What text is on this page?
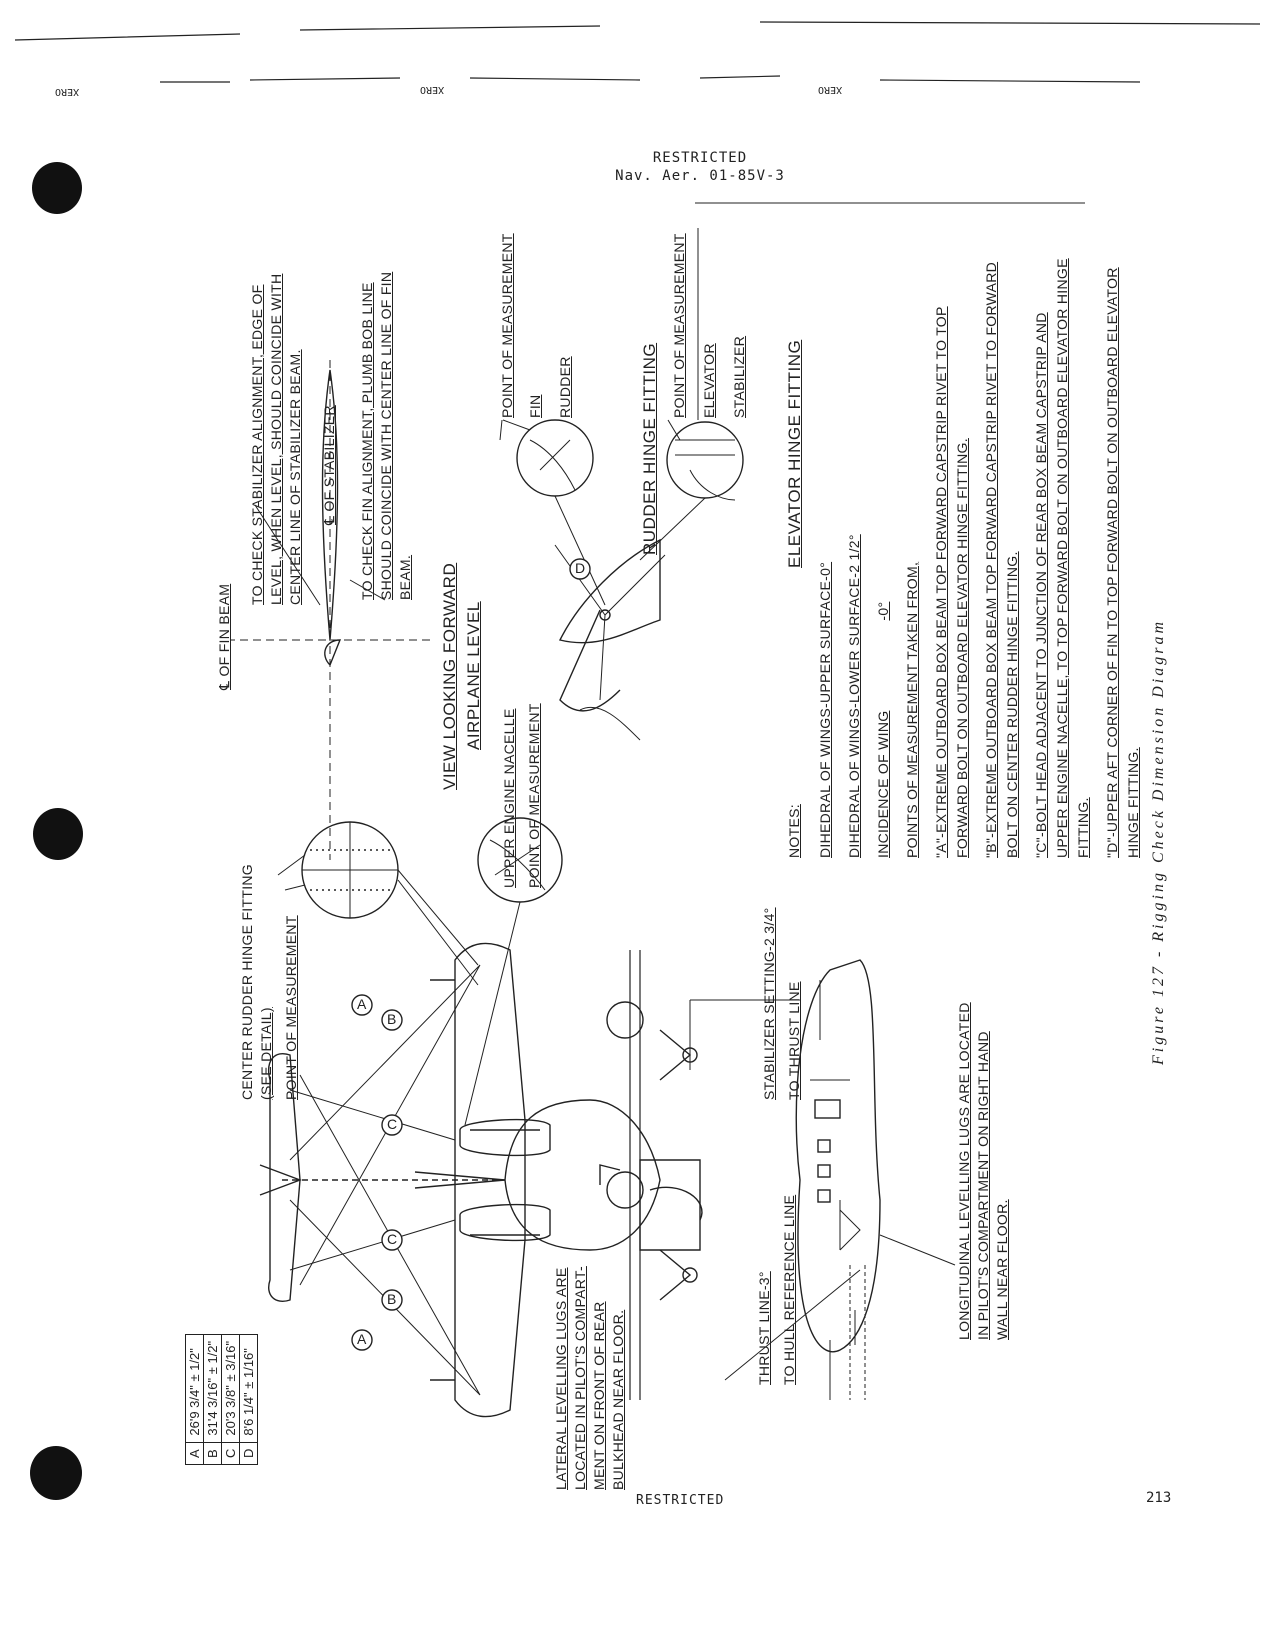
RESTRICTED
Nav. Aer. 01-85V-3
XERO	XERO	XERO
A
B
C
A
B
C
D
A	26'9 3/4" ± 1/2"
B	31'4 3/16" ± 1/2"
C	20'3 3/8" ± 3/16"
D	8'6 1/4" ± 1/16"
CENTER RUDDER HINGE FITTING (SEE DETAIL) POINT OF MEASUREMENT
LATERAL LEVELLING LUGS ARE LOCATED IN PILOT'S COMPART- MENT ON FRONT OF REAR BULKHEAD NEAR FLOOR.
UPPER ENGINE NACELLE POINT OF MEASUREMENT
THRUST LINE-3° TO HULL REFERENCE LINE
STABILIZER SETTING-2 3/4° TO THRUST LINE	LONGITUDINAL LEVELLING LUGS ARE LOCATED IN PILOT'S COMPARTMENT ON RIGHT HAND WALL NEAR FLOOR.
℄ OF FIN BEAM
TO CHECK STABILIZER ALIGNMENT, EDGE OF LEVEL, WHEN LEVEL, SHOULD COINCIDE WITH CENTER LINE OF STABILIZER BEAM. ℄ OF STABILIZER TO CHECK FIN ALIGNMENT, PLUMB BOB LINE SHOULD COINCIDE WITH CENTER LINE OF FIN BEAM. VIEW LOOKING FORWARD AIRPLANE LEVEL
POINT OF MEASUREMENT FIN RUDDER	RUDDER HINGE FITTING
POINT OF MEASUREMENT ELEVATOR STABILIZER ELEVATOR HINGE FITTING
NOTES: DIHEDRAL OF WINGS-UPPER SURFACE-0° DIHEDRAL OF WINGS-LOWER SURFACE-2 1/2° INCIDENCE OF WING-0° POINTS OF MEASUREMENT TAKEN FROM, "A"-EXTREME OUTBOARD BOX BEAM TOP FORWARD CAPSTRIP RIVET TO TOP FORWARD BOLT ON OUTBOARD ELEVATOR HINGE FITTING. "B"-EXTREME OUTBOARD BOX BEAM TOP FORWARD CAPSTRIP RIVET TO FORWARD BOLT ON CENTER RUDDER HINGE FITTING. "C"-BOLT HEAD ADJACENT TO JUNCTION OF REAR BOX BEAM CAPSTRIP AND UPPER ENGINE NACELLE, TO TOP FORWARD BOLT ON OUTBOARD ELEVATOR HINGE FITTING. "D"-UPPER AFT CORNER OF FIN TO TOP FORWARD BOLT ON OUTBOARD ELEVATOR HINGE FITTING. Figure 127 - Rigging Check Dimension Diagram
RESTRICTED	213
